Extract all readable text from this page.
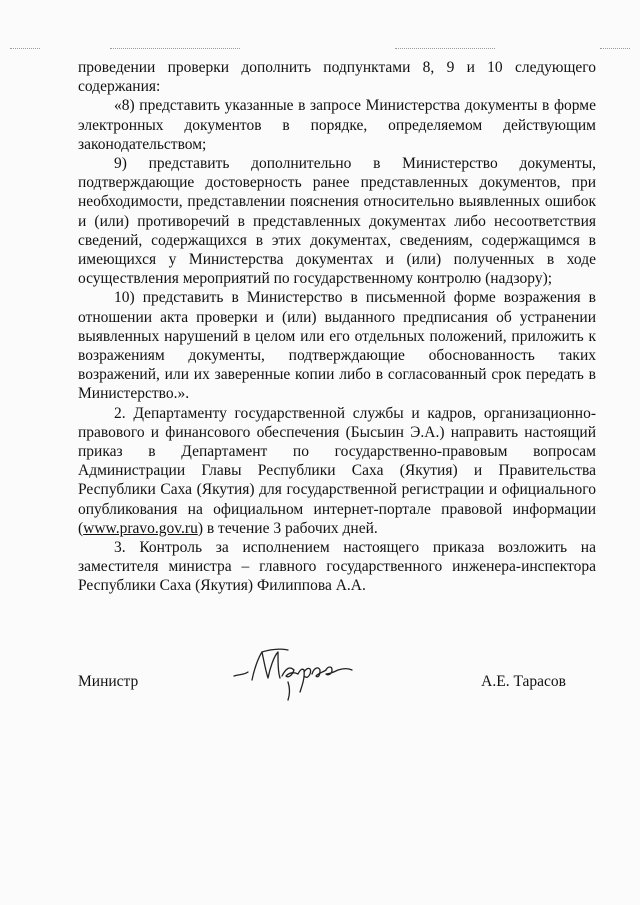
проведении проверки дополнить подпунктами 8, 9 и 10 следующего содержания:

«8) представить указанные в запросе Министерства документы в форме электронных документов в порядке, определяемом действующим законодательством;

9) представить дополнительно в Министерство документы, подтверждающие достоверность ранее представленных документов, при необходимости, представлении пояснения относительно выявленных ошибок и (или) противоречий в представленных документах либо несоответствия сведений, содержащихся в этих документах, сведениям, содержащимся в имеющихся у Министерства документах и (или) полученных в ходе осуществления мероприятий по государственному контролю (надзору);

10) представить в Министерство в письменной форме возражения в отношении акта проверки и (или) выданного предписания об устранении выявленных нарушений в целом или его отдельных положений, приложить к возражениям документы, подтверждающие обоснованность таких возражений, или их заверенные копии либо в согласованный срок передать в Министерство.».

2. Департаменту государственной службы и кадров, организационно-правового и финансового обеспечения (Бысыин Э.А.) направить настоящий приказ в Департамент по государственно-правовым вопросам Администрации Главы Республики Саха (Якутия) и Правительства Республики Саха (Якутия) для государственной регистрации и официального опубликования на официальном интернет-портале правовой информации (www.pravo.gov.ru) в течение 3 рабочих дней.

3. Контроль за исполнением настоящего приказа возложить на заместителя министра – главного государственного инженера-инспектора Республики Саха (Якутия) Филиппова А.А.

Министр	А.Е. Тарасов
